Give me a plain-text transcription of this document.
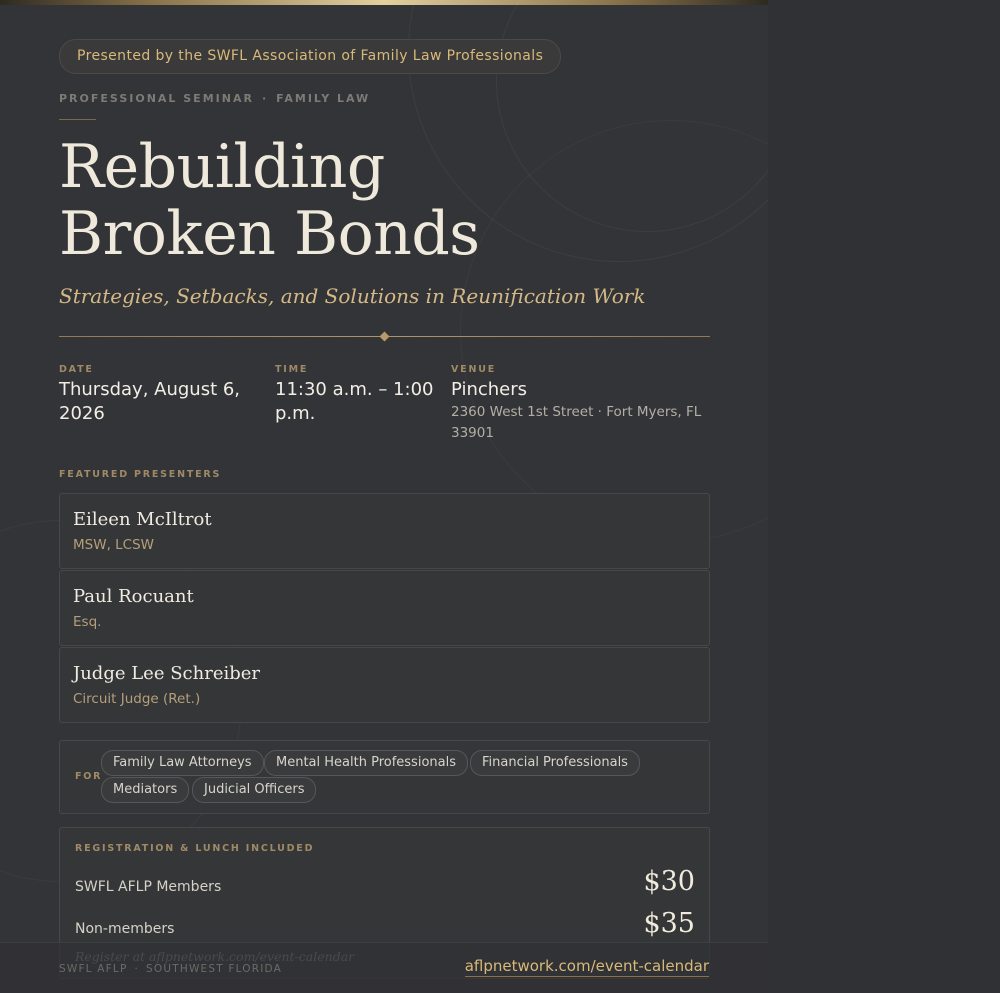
Presented by the SWFL Association of Family Law Professionals
PROFESSIONAL SEMINAR · FAMILY LAW
Rebuilding
Broken Bonds

Strategies, Setbacks, and Solutions in Reunification Work

DATE
Thursday, August 6, 2026
TIME
11:30 a.m. – 1:00 p.m.
VENUE
Pinchers
2360 West 1st Street · Fort Myers, FL 33901
FEATURED PRESENTERS
Eileen McIltrot
MSW, LCSW
Paul Rocuant
Esq.
Judge Lee Schreiber
Circuit Judge (Ret.)
FOR
Family Law Attorneys	Mental Health Professionals	Financial Professionals
Mediators	Judicial Officers
REGISTRATION & LUNCH INCLUDED
SWFL AFLP Members	$30
Non-members	$35
SWFL AFLP · SOUTHWEST FLORIDA	aflpnetwork.com/event-calendar
